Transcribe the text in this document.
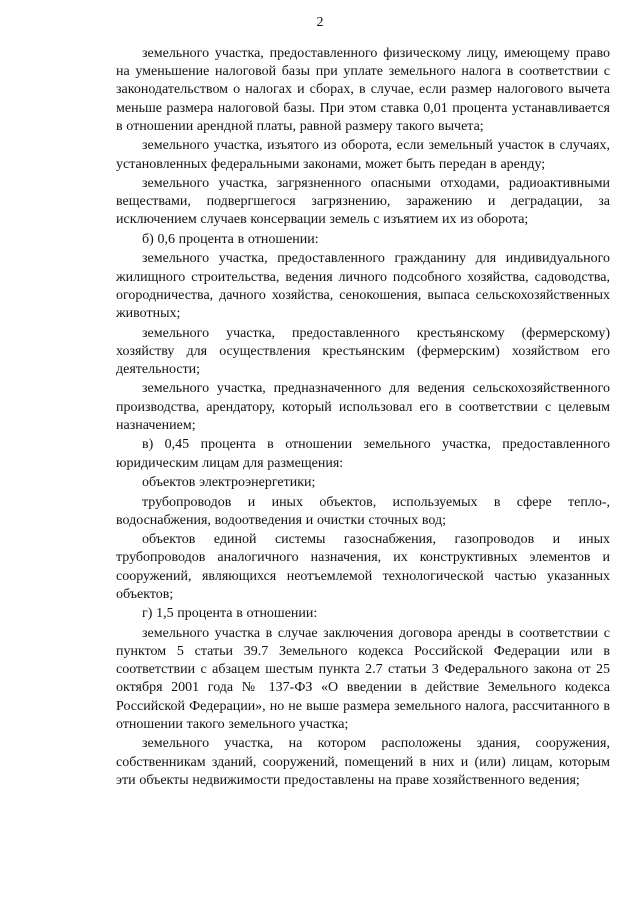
2

земельного участка, предоставленного физическому лицу, имеющему право на уменьшение налоговой базы при уплате земельного налога в соответствии с законодательством о налогах и сборах, в случае, если размер налогового вычета меньше размера налоговой базы. При этом ставка 0,01 процента устанавливается в отношении арендной платы, равной размеру такого вычета;

земельного участка, изъятого из оборота, если земельный участок в случаях, установленных федеральными законами, может быть передан в аренду;

земельного участка, загрязненного опасными отходами, радиоактивными веществами, подвергшегося загрязнению, заражению и деградации, за исключением случаев консервации земель с изъятием их из оборота;

б) 0,6 процента в отношении:

земельного участка, предоставленного гражданину для индивидуального жилищного строительства, ведения личного подсобного хозяйства, садоводства, огородничества, дачного хозяйства, сенокошения, выпаса сельскохозяйственных животных;

земельного участка, предоставленного крестьянскому (фермерскому) хозяйству для осуществления крестьянским (фермерским) хозяйством его деятельности;

земельного участка, предназначенного для ведения сельскохозяйственного производства, арендатору, который использовал его в соответствии с целевым назначением;

в) 0,45 процента в отношении земельного участка, предоставленного юридическим лицам для размещения:

объектов электроэнергетики;

трубопроводов и иных объектов, используемых в сфере тепло-, водоснабжения, водоотведения и очистки сточных вод;

объектов единой системы газоснабжения, газопроводов и иных трубопроводов аналогичного назначения, их конструктивных элементов и сооружений, являющихся неотъемлемой технологической частью указанных объектов;

г) 1,5 процента в отношении:

земельного участка в случае заключения договора аренды в соответствии с пунктом 5 статьи 39.7 Земельного кодекса Российской Федерации или в соответствии с абзацем шестым пункта 2.7 статьи 3 Федерального закона от 25 октября 2001 года № 137-ФЗ «О введении в действие Земельного кодекса Российской Федерации», но не выше размера земельного налога, рассчитанного в отношении такого земельного участка;

земельного участка, на котором расположены здания, сооружения, собственникам зданий, сооружений, помещений в них и (или) лицам, которым эти объекты недвижимости предоставлены на праве хозяйственного ведения;
